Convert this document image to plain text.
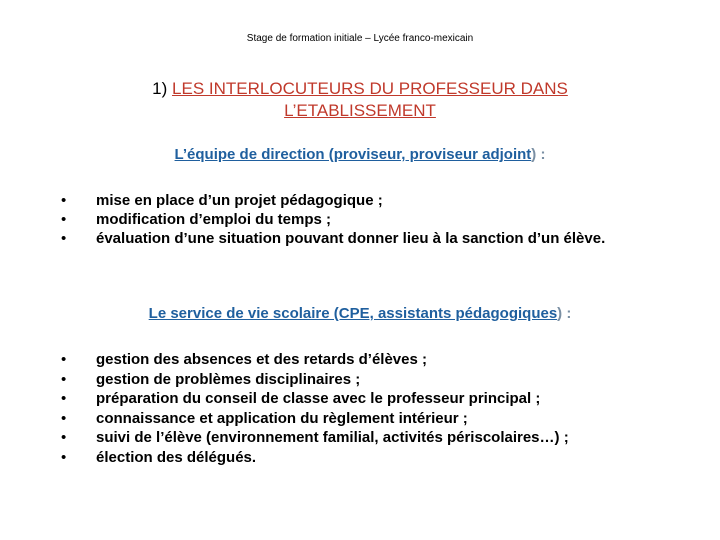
Stage de formation initiale – Lycée franco-mexicain
1) LES INTERLOCUTEURS DU PROFESSEUR DANS
L’ETABLISSEMENT
L’équipe de direction (proviseur, proviseur adjoint) :
• mise en place d’un projet pédagogique ;
• modification d’emploi du temps ;
• évaluation d’une situation pouvant donner lieu à la sanction d’un élève.
Le service de vie scolaire (CPE, assistants pédagogiques) :
• gestion des absences et des retards d’élèves ;
• gestion de problèmes disciplinaires ;
• préparation du conseil de classe avec le professeur principal ;
• connaissance et application du règlement intérieur ;
• suivi de l’élève (environnement familial, activités périscolaires…) ;
• élection des délégués.
